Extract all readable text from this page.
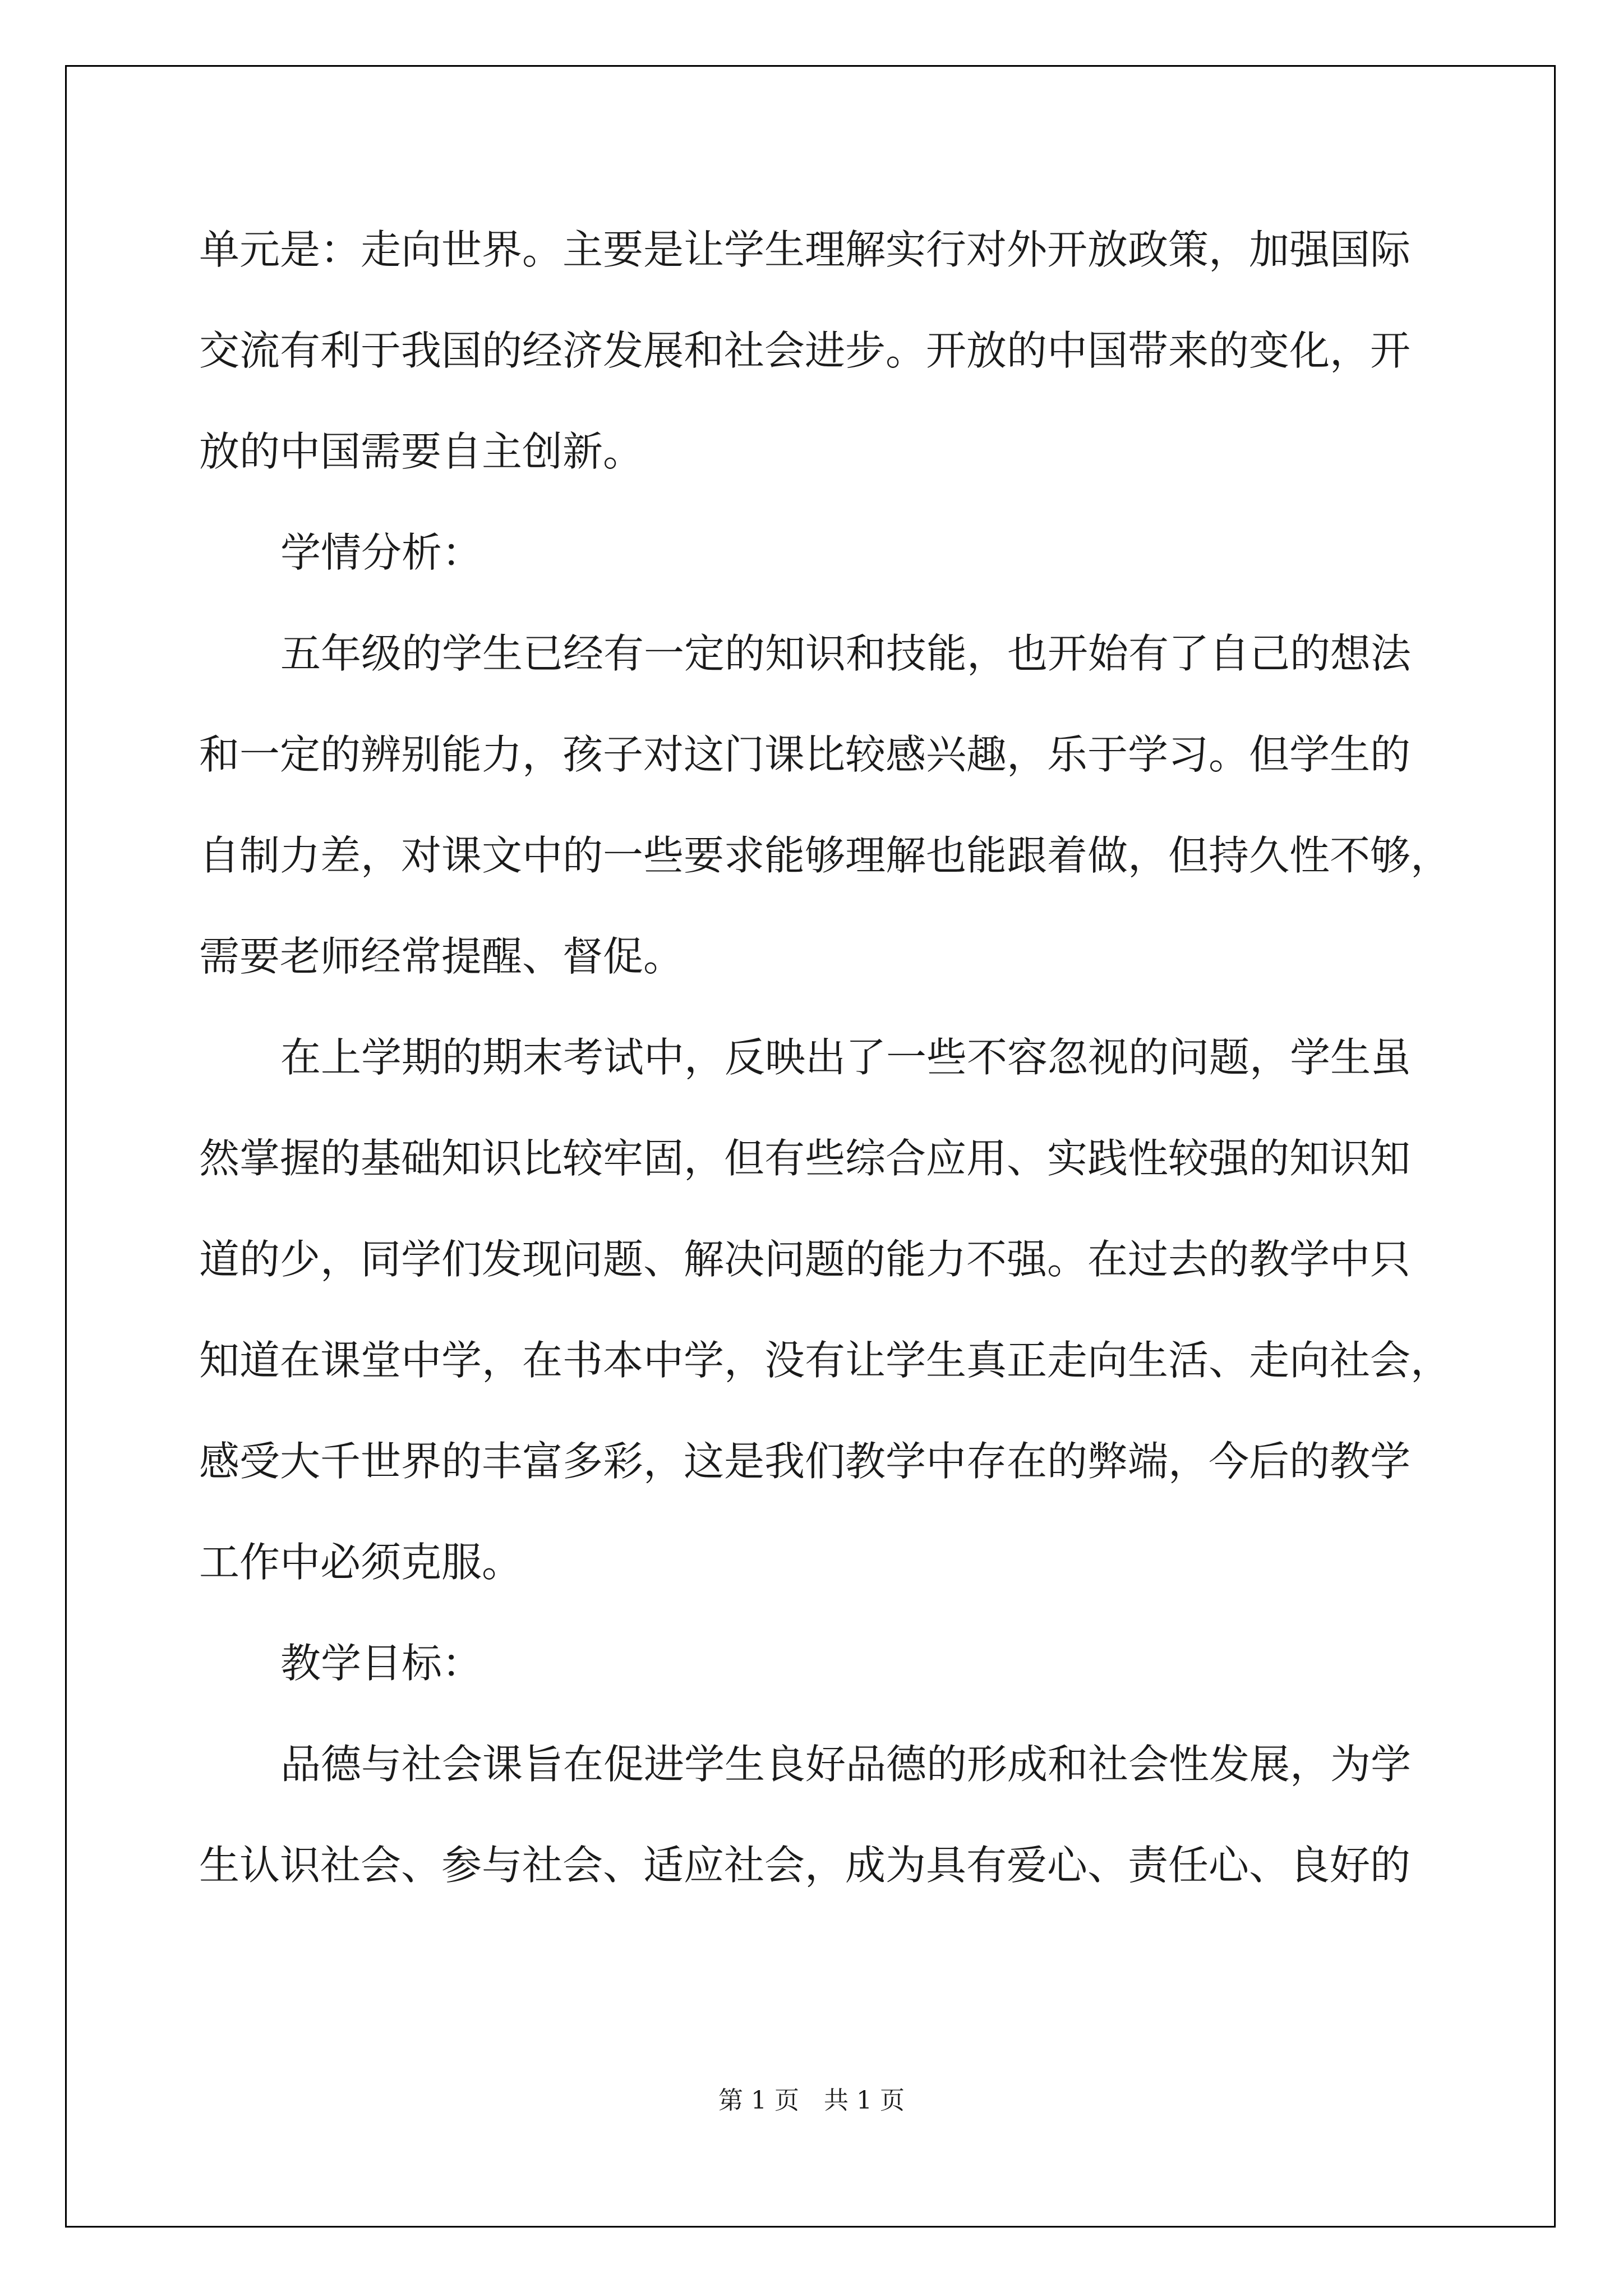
单元是：走向世界。主要是让学生理解实行对外开放政策，加强国际
交流有利于我国的经济发展和社会进步。开放的中国带来的变化，开
放的中国需要自主创新。
学情分析：
五年级的学生已经有一定的知识和技能，也开始有了自己的想法
和一定的辨别能力，孩子对这门课比较感兴趣，乐于学习。但学生的
自制力差，对课文中的一些要求能够理解也能跟着做，但持久性不够，
需要老师经常提醒、督促。
在上学期的期末考试中，反映出了一些不容忽视的问题，学生虽
然掌握的基础知识比较牢固，但有些综合应用、实践性较强的知识知
道的少，同学们发现问题、解决问题的能力不强。在过去的教学中只
知道在课堂中学，在书本中学，没有让学生真正走向生活、走向社会，
感受大千世界的丰富多彩，这是我们教学中存在的弊端，今后的教学
工作中必须克服。
教学目标：
品德与社会课旨在促进学生良好品德的形成和社会性发展，为学
生认识社会、参与社会、适应社会，成为具有爱心、责任心、良好的
第 1 页　共 1 页
